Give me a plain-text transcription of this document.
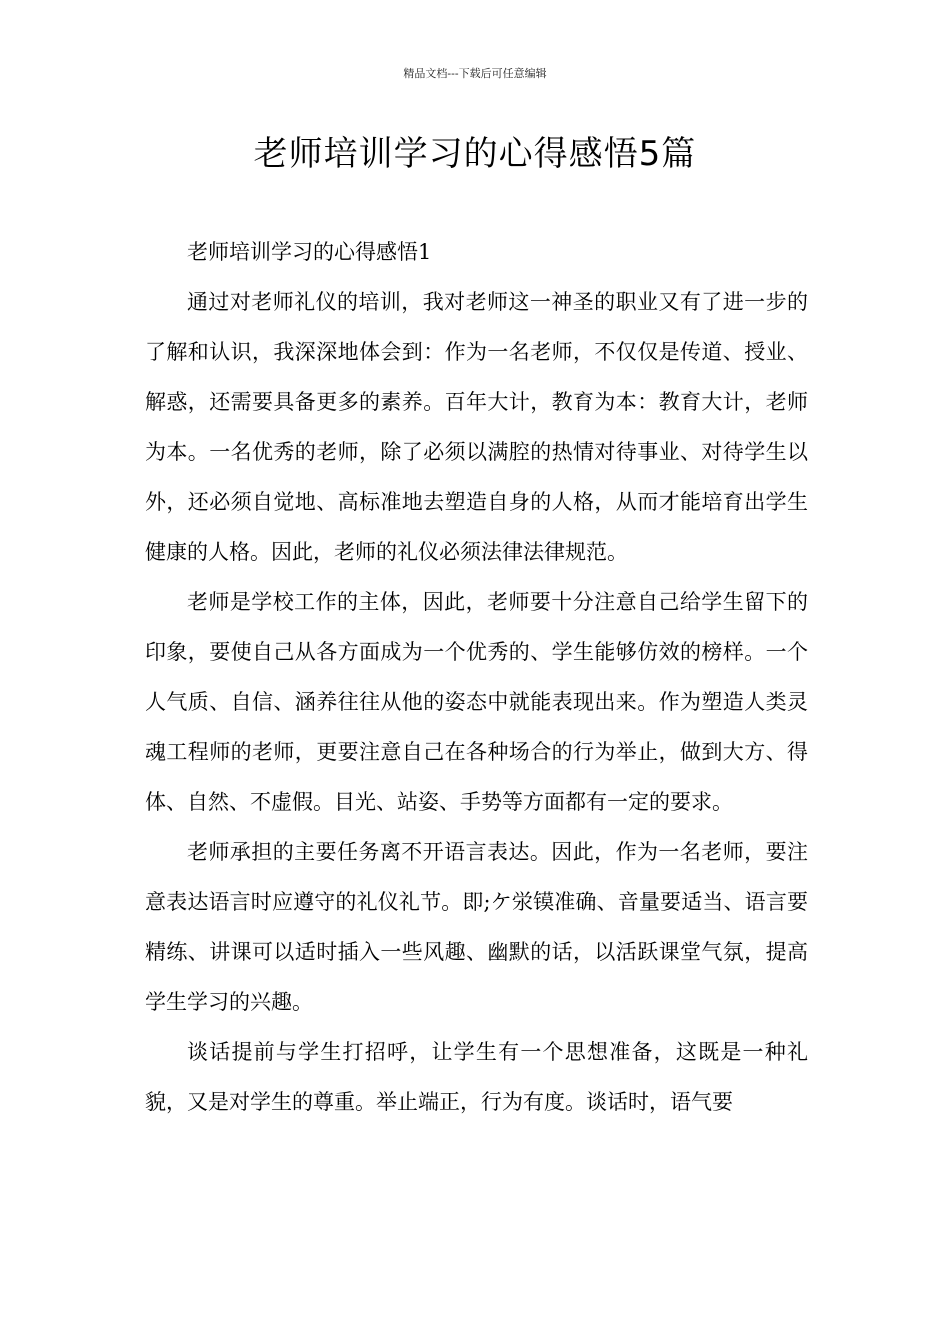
精品文档---下载后可任意编辑
老师培训学习的心得感悟5篇

老师培训学习的心得感悟1

通过对老师礼仪的培训，我对老师这一神圣的职业又有了进一步的了解和认识，我深深地体会到：作为一名老师，不仅仅是传道、授业、解惑，还需要具备更多的素养。百年大计，教育为本：教育大计，老师为本。一名优秀的老师，除了必须以满腔的热情对待事业、对待学生以外，还必须自觉地、高标准地去塑造自身的人格，从而才能培育出学生健康的人格。因此，老师的礼仪必须法律法律规范。

老师是学校工作的主体，因此，老师要十分注意自己给学生留下的印象，要使自己从各方面成为一个优秀的、学生能够仿效的榜样。一个人气质、自信、涵养往往从他的姿态中就能表现出来。作为塑造人类灵魂工程师的老师，更要注意自己在各种场合的行为举止，做到大方、得体、自然、不虚假。目光、站姿、手势等方面都有一定的要求。

老师承担的主要任务离不开语言表达。因此，作为一名老师，要注意表达语言时应遵守的礼仪礼节。即;ケ泶镆准确、音量要适当、语言要精练、讲课可以适时插入一些风趣、幽默的话，以活跃课堂气氛，提高学生学习的兴趣。

谈话提前与学生打招呼，让学生有一个思想准备，这既是一种礼貌，又是对学生的尊重。举止端正，行为有度。谈话时，语气要
